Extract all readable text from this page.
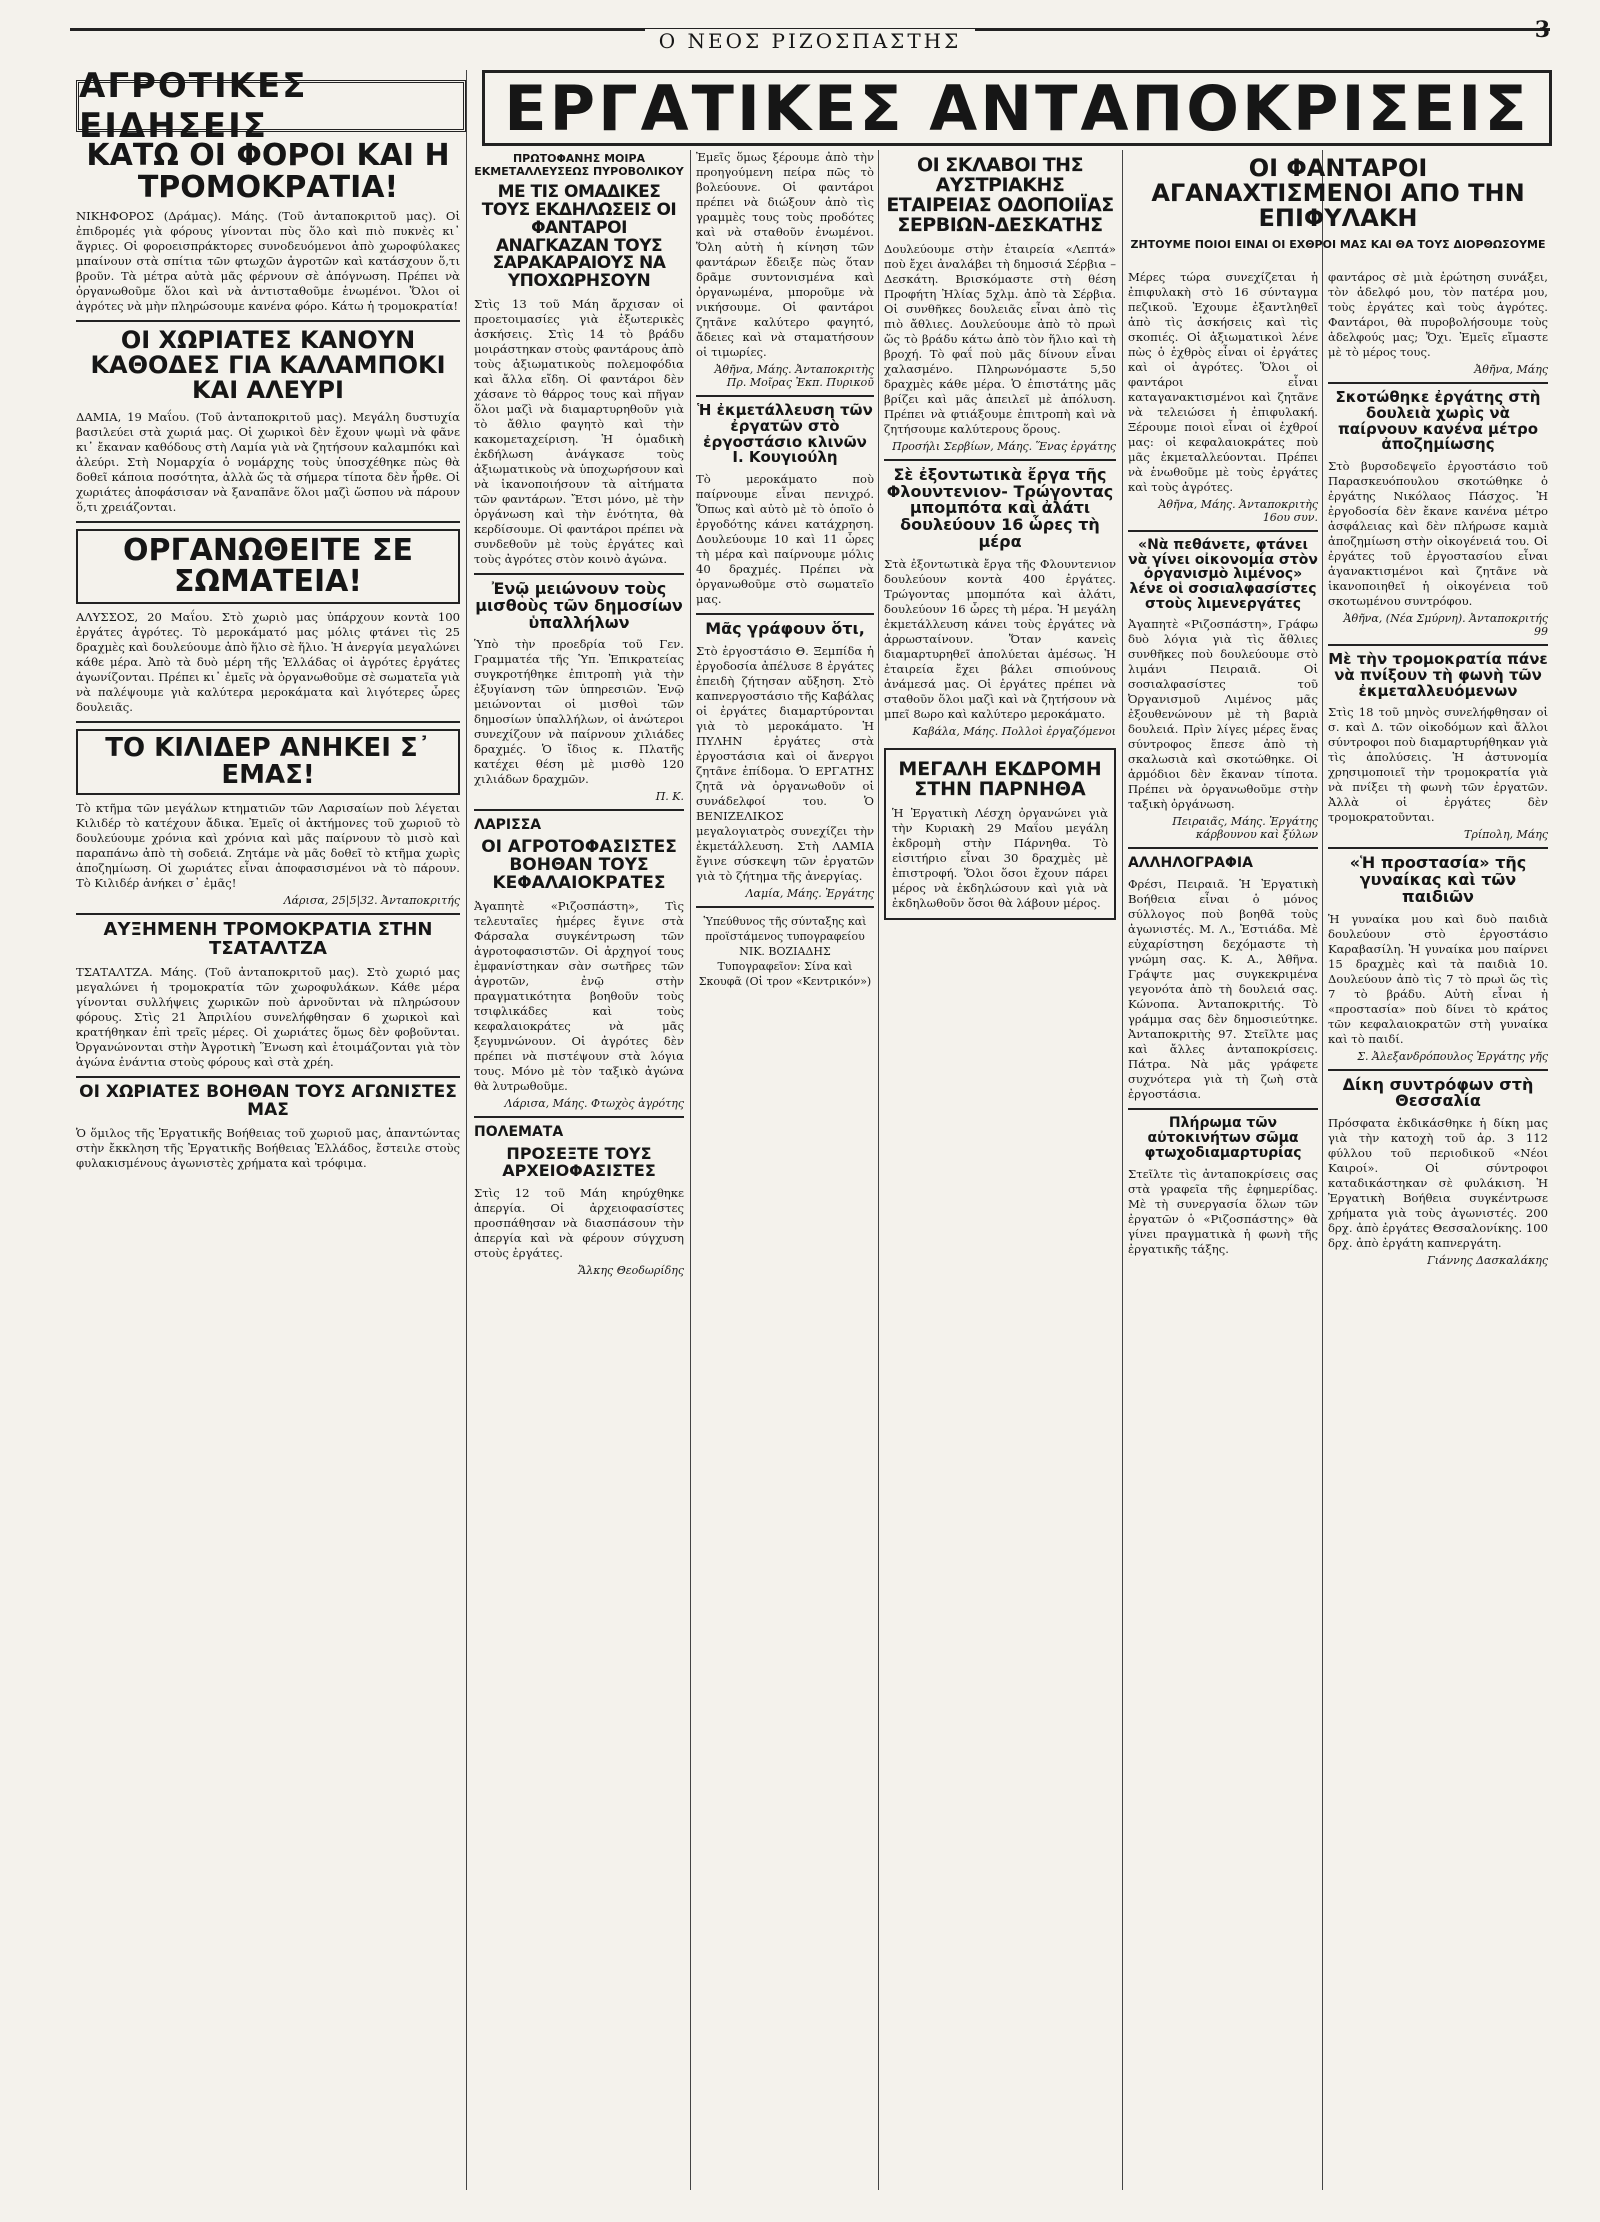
Ο ΝΕΟΣ ΡΙΖΟΣΠΑΣΤΗΣ	3
ΑΓΡΟΤΙΚΕΣ ΕΙΔΗΣΕΙΣ	ΕΡΓΑΤΙΚΕΣ ΑΝΤΑΠΟΚΡΙΣΕΙΣ
ΚΑΤΩ ΟΙ ΦΟΡΟΙ ΚΑΙ Η ΤΡΟΜΟΚΡΑΤΙΑ!

ΝΙΚΗΦΟΡΟΣ (Δράμας). Μάης. (Τοῦ ἀνταποκριτοῦ μας). Οἱ ἐπιδρομές γιὰ φόρους γίνονται πὺς ὅλο καὶ πιὸ πυκνὲς κι᾿ ἄγριες. Οἱ φοροεισπράκτορες συνοδευόμενοι ἀπὸ χωροφύλακες μπαίνουν στὰ σπίτια τῶν φτωχῶν ἀγροτῶν καὶ κατάσχουν ὅ,τι βροῦν. Τὰ μέτρα αὐτὰ μᾶς φέρνουν σὲ ἀπόγνωση. Πρέπει νὰ ὀργανωθοῦμε ὅλοι καὶ νὰ ἀντισταθοῦμε ἑνωμένοι. Ὅλοι οἱ ἀγρότες νὰ μὴν πληρώσουμε κανένα φόρο. Κάτω ἡ τρομοκρατία!

ΟΙ ΧΩΡΙΑΤΕΣ ΚΑΝΟΥΝ ΚΑΘΟΔΕΣ ΓΙΑ ΚΑΛΑΜΠΟΚΙ ΚΑΙ ΑΛΕΥΡΙ

ΔΑΜΙΑ, 19 Μαΐου. (Τοῦ ἀνταποκριτοῦ μας). Μεγάλη δυστυχία βασιλεύει στὰ χωριά μας. Οἱ χωρικοὶ δὲν ἔχουν ψωμὶ νὰ φᾶνε κι᾿ ἔκαναν καθόδους στὴ Λαμία γιὰ νὰ ζητήσουν καλαμπόκι καὶ ἀλεύρι. Στὴ Νομαρχία ὁ νομάρχης τοὺς ὑποσχέθηκε πὼς θὰ δοθεῖ κάποια ποσότητα, ἀλλὰ ὥς τὰ σήμερα τίποτα δὲν ἦρθε. Οἱ χωριάτες ἀποφάσισαν νὰ ξαναπᾶνε ὅλοι μαζὶ ὥσπου νὰ πάρουν ὅ,τι χρειάζονται.

ΟΡΓΑΝΩΘΕΙΤΕ ΣΕ ΣΩΜΑΤΕΙΑ!

ΑΛΥΣΣΟΣ, 20 Μαΐου. Στὸ χωριὸ μας ὑπάρχουν κοντὰ 100 ἐργάτες ἀγρότες. Τὸ μεροκάματό μας μόλις φτάνει τὶς 25 δραχμὲς καὶ δουλεύουμε ἀπὸ ἥλιο σὲ ἥλιο. Ἡ ἀνεργία μεγαλώνει κάθε μέρα. Ἀπὸ τὰ δυὸ μέρη τῆς Ἑλλάδας οἱ ἀγρότες ἐργάτες ἀγωνίζονται. Πρέπει κι᾿ ἐμεῖς νὰ ὀργανωθοῦμε σὲ σωματεῖα γιὰ νὰ παλέψουμε γιὰ καλύτερα μεροκάματα καὶ λιγότερες ὧρες δουλειᾶς.

ΤΟ ΚΙΛΙΔΕΡ ΑΝΗΚΕΙ Σ᾿ ΕΜΑΣ!

Τὸ κτῆμα τῶν μεγάλων κτηματιῶν τῶν Λαρισαίων ποὺ λέγεται Κιλιδέρ τὸ κατέχουν ἄδικα. Ἐμεῖς οἱ ἀκτήμονες τοῦ χωριοῦ τὸ δουλεύουμε χρόνια καὶ χρόνια καὶ μᾶς παίρνουν τὸ μισὸ καὶ παραπάνω ἀπὸ τὴ σοδειά. Ζητάμε νὰ μᾶς δοθεῖ τὸ κτῆμα χωρὶς ἀποζημίωση. Οἱ χωριάτες εἶναι ἀποφασισμένοι νὰ τὸ πάρουν. Τὸ Κιλιδέρ ἀνήκει σ᾿ ἐμᾶς!

Λάρισα, 25|5|32. Ἀνταποκριτής
ΑΥΞΗΜΕΝΗ ΤΡΟΜΟΚΡΑΤΙΑ ΣΤΗΝ ΤΣΑΤΑΛΤΖΑ

ΤΣΑΤΑΛΤΖΑ. Μάης. (Τοῦ ἀνταποκριτοῦ μας). Στὸ χωριό μας μεγαλώνει ἡ τρομοκρατία τῶν χωροφυλάκων. Κάθε μέρα γίνονται συλλήψεις χωρικῶν ποὺ ἀρνοῦνται νὰ πληρώσουν φόρους. Στὶς 21 Ἀπριλίου συνελήφθησαν 6 χωρικοὶ καὶ κρατήθηκαν ἐπὶ τρεῖς μέρες. Οἱ χωριάτες ὅμως δὲν φοβοῦνται. Ὀργανώνονται στὴν Ἀγροτικὴ Ἕνωση καὶ ἑτοιμάζονται γιὰ τὸν ἀγώνα ἐνάντια στοὺς φόρους καὶ στὰ χρέη.

ΟΙ ΧΩΡΙΑΤΕΣ ΒΟΗΘΑΝ ΤΟΥΣ ΑΓΩΝΙΣΤΕΣ ΜΑΣ

Ὁ ὅμιλος τῆς Ἐργατικῆς Βοήθειας τοῦ χωριοῦ μας, ἀπαντώντας στὴν ἔκκληση τῆς Ἐργατικῆς Βοήθειας Ἑλλάδος, ἔστειλε στοὺς φυλακισμένους ἀγωνιστὲς χρήματα καὶ τρόφιμα.

ΠΡΩΤΟΦΑΝΗΣ ΜΟΙΡΑ ΕΚΜΕΤΑΛΛΕΥΣΕΩΣ ΠΥΡΟΒΟΛΙΚΟΥ
ΜΕ ΤΙΣ ΟΜΑΔΙΚΕΣ ΤΟΥΣ ΕΚΔΗΛΩΣΕΙΣ ΟΙ ΦΑΝΤΑΡΟΙ ΑΝΑΓΚΑΖΑΝ ΤΟΥΣ ΣΑΡΑΚΑΡΑΙΟΥΣ ΝΑ ΥΠΟΧΩΡΗΣΟΥΝ

Στὶς 13 τοῦ Μάη ἄρχισαν οἱ προετοιμασίες γιὰ ἐξωτερικὲς ἀσκήσεις. Στὶς 14 τὸ βράδυ μοιράστηκαν στοὺς φαντάρους ἀπὸ τοὺς ἀξιωματικοὺς πολεμοφόδια καὶ ἄλλα εἴδη. Οἱ φαντάροι δὲν χάσανε τὸ θάρρος τους καὶ πῆγαν ὅλοι μαζὶ νὰ διαμαρτυρηθοῦν γιὰ τὸ ἄθλιο φαγητὸ καὶ τὴν κακομεταχείριση. Ἡ ὁμαδικὴ ἐκδήλωση ἀνάγκασε τοὺς ἀξιωματικοὺς νὰ ὑποχωρήσουν καὶ νὰ ἱκανοποιήσουν τὰ αἰτήματα τῶν φαντάρων. Ἔτσι μόνο, μὲ τὴν ὀργάνωση καὶ τὴν ἑνότητα, θὰ κερδίσουμε. Οἱ φαντάροι πρέπει νὰ συνδεθοῦν μὲ τοὺς ἐργάτες καὶ τοὺς ἀγρότες στὸν κοινὸ ἀγώνα.

Ἐνῷ μειώνουν τοὺς μισθοὺς τῶν δημοσίων ὑπαλλήλων

Ὑπὸ τὴν προεδρία τοῦ Γεν. Γραμματέα τῆς Ὑπ. Ἐπικρατείας συγκροτήθηκε ἐπιτροπὴ γιὰ τὴν ἐξυγίανση τῶν ὑπηρεσιῶν. Ἐνῷ μειώνονται οἱ μισθοὶ τῶν δημοσίων ὑπαλλήλων, οἱ ἀνώτεροι συνεχίζουν νὰ παίρνουν χιλιάδες δραχμές. Ὁ ἴδιος κ. Πλατῆς κατέχει θέση μὲ μισθὸ 120 χιλιάδων δραχμῶν.

Π. Κ.
ΛΑΡΙΣΣΑ
ΟΙ ΑΓΡΟΤΟΦΑΣΙΣΤΕΣ ΒΟΗΘΑΝ ΤΟΥΣ ΚΕΦΑΛΑΙΟΚΡΑΤΕΣ

Ἀγαπητὲ «Ριζοσπάστη», Τὶς τελευταῖες ἡμέρες ἔγινε στὰ Φάρσαλα συγκέντρωση τῶν ἀγροτοφασιστῶν. Οἱ ἀρχηγοί τους ἐμφανίστηκαν σὰν σωτῆρες τῶν ἀγροτῶν, ἐνῷ στὴν πραγματικότητα βοηθοῦν τοὺς τσιφλικάδες καὶ τοὺς κεφαλαιοκράτες νὰ μᾶς ξεγυμνώνουν. Οἱ ἀγρότες δὲν πρέπει νὰ πιστέψουν στὰ λόγια τους. Μόνο μὲ τὸν ταξικὸ ἀγώνα θὰ λυτρωθοῦμε.

Λάρισα, Μάης. Φτωχὸς ἀγρότης
ΠΟΛΕΜΑΤΑ
ΠΡΟΣΕΞΤΕ ΤΟΥΣ ΑΡΧΕΙΟΦΑΣΙΣΤΕΣ

Στὶς 12 τοῦ Μάη κηρύχθηκε ἀπεργία. Οἱ ἀρχειοφασίστες προσπάθησαν νὰ διασπάσουν τὴν ἀπεργία καὶ νὰ φέρουν σύγχυση στοὺς ἐργάτες.

Ἄλκης Θεοδωρίδης

Ἐμεῖς ὅμως ξέρουμε ἀπὸ τὴν προηγούμενη πείρα πῶς τὸ βολεύουνε. Οἱ φαντάροι πρέπει νὰ διώξουν ἀπὸ τὶς γραμμὲς τους τοὺς προδότες καὶ νὰ σταθοῦν ἑνωμένοι. Ὅλη αὐτὴ ἡ κίνηση τῶν φαντάρων ἔδειξε πὼς ὅταν δρᾶμε συντονισμένα καὶ ὀργανωμένα, μποροῦμε νὰ νικήσουμε. Οἱ φαντάροι ζητᾶνε καλύτερο φαγητό, ἄδειες καὶ νὰ σταματήσουν οἱ τιμωρίες.

Ἀθῆνα, Μάης. Ἀνταποκριτὴς Πρ. Μοῖρας Ἐκπ. Πυρικοῦ
Ἡ ἐκμετάλλευση τῶν ἐργατῶν στὸ ἐργοστάσιο κλινῶν Ι. Κουγιούλη

Τὸ μεροκάματο ποὺ παίρνουμε εἶναι πενιχρό. Ὅπως καὶ αὐτὸ μὲ τὸ ὁποῖο ὁ ἐργοδότης κάνει κατάχρηση. Δουλεύουμε 10 καὶ 11 ὧρες τὴ μέρα καὶ παίρνουμε μόλις 40 δραχμές. Πρέπει νὰ ὀργανωθοῦμε στὸ σωματεῖο μας.

Μᾶς γράφουν ὅτι,

Στὸ ἐργοστάσιο Θ. Ξεμπίδα ἡ ἐργοδοσία ἀπέλυσε 8 ἐργάτες ἐπειδὴ ζήτησαν αὔξηση. Στὸ καπνεργοστάσιο τῆς Καβάλας οἱ ἐργάτες διαμαρτύρονται γιὰ τὸ μεροκάματο. Ἡ ΠΥΛΗΝ ἐργάτες στὰ ἐργοστάσια καὶ οἱ ἄνεργοι ζητᾶνε ἐπίδομα. Ὁ ΕΡΓΑΤΗΣ ζητᾶ νὰ ὀργανωθοῦν οἱ συνάδελφοί του. Ὁ ΒΕΝΙΖΕΛΙΚΟΣ μεγαλογιατρὸς συνεχίζει τὴν ἐκμετάλλευση. Στὴ ΛΑΜΙΑ ἔγινε σύσκεψη τῶν ἐργατῶν γιὰ τὸ ζήτημα τῆς ἀνεργίας.

Λαμία, Μάης. Ἐργάτης

Ὑπεύθυνος τῆς σύνταξης καὶ προϊστάμενος τυπογραφείου ΝΙΚ. ΒΟΖΙΑΔΗΣ Τυπογραφεῖον: Σίνα καὶ Σκουφᾶ (Οἰ τρον «Κεντρικόν»)

ΟΙ ΣΚΛΑΒΟΙ ΤΗΣ ΑΥΣΤΡΙΑΚΗΣ ΕΤΑΙΡΕΙΑΣ ΟΔΟΠΟΙΪΑΣ ΣΕΡΒΙΩΝ-ΔΕΣΚΑΤΗΣ

Δουλεύουμε στὴν ἑταιρεία «Λεπτά» ποὺ ἔχει ἀναλάβει τὴ δημοσιά Σέρβια – Δεσκάτη. Βρισκόμαστε στὴ θέση Προφήτη Ἠλίας 5χλμ. ἀπὸ τὰ Σέρβια. Οἱ συνθῆκες δουλειᾶς εἶναι ἀπὸ τὶς πιὸ ἄθλιες. Δουλεύουμε ἀπὸ τὸ πρωὶ ὥς τὸ βράδυ κάτω ἀπὸ τὸν ἥλιο καὶ τὴ βροχή. Τὸ φαΐ ποὺ μᾶς δίνουν εἶναι χαλασμένο. Πληρωνόμαστε 5,50 δραχμὲς κάθε μέρα. Ὁ ἐπιστάτης μᾶς βρίζει καὶ μᾶς ἀπειλεῖ μὲ ἀπόλυση. Πρέπει νὰ φτιάξουμε ἐπιτροπὴ καὶ νὰ ζητήσουμε καλύτερους ὅρους.

Προσήλι Σερβίων, Μάης. Ἕνας ἐργάτης
Σὲ ἐξοντωτικὰ ἔργα τῆς Φλουντενιον- Τρώγοντας μπομπότα καὶ ἀλάτι δουλεύουν 16 ὧρες τὴ μέρα

Στὰ ἐξοντωτικὰ ἔργα τῆς Φλουντενιον δουλεύουν κοντὰ 400 ἐργάτες. Τρώγοντας μπομπότα καὶ ἀλάτι, δουλεύουν 16 ὧρες τὴ μέρα. Ἡ μεγάλη ἐκμετάλλευση κάνει τοὺς ἐργάτες νὰ ἀρρωσταίνουν. Ὅταν κανεὶς διαμαρτυρηθεῖ ἀπολύεται ἀμέσως. Ἡ ἐταιρεία ἔχει βάλει σπιούνους ἀνάμεσά μας. Οἱ ἐργάτες πρέπει νὰ σταθοῦν ὅλοι μαζὶ καὶ νὰ ζητήσουν νὰ μπεῖ 8ωρο καὶ καλύτερο μεροκάματο.

Καβάλα, Μάης. Πολλοὶ ἐργαζόμενοι
ΜΕΓΑΛΗ ΕΚΔΡΟΜΗ ΣΤΗΝ ΠΑΡΝΗΘΑ

Ἡ Ἐργατικὴ Λέσχη ὀργανώνει γιὰ τὴν Κυριακὴ 29 Μαΐου μεγάλη ἐκδρομὴ στὴν Πάρνηθα. Τὸ εἰσιτήριο εἶναι 30 δραχμὲς μὲ ἐπιστροφή. Ὅλοι ὅσοι ἔχουν πάρει μέρος νὰ ἐκδηλώσουν καὶ γιὰ νὰ ἐκδηλωθοῦν ὅσοι θὰ λάβουν μέρος.

ΟΙ ΦΑΝΤΑΡΟΙ ΑΓΑΝΑΧΤΙΣΜΕΝΟΙ ΑΠΟ ΤΗΝ ΕΠΙΦΥΛΑΚΗ
ΖΗΤΟΥΜΕ ΠΟΙΟΙ ΕΙΝΑΙ ΟΙ ΕΧΘΡΟΙ ΜΑΣ ΚΑΙ ΘΑ ΤΟΥΣ ΔΙΟΡΘΩΣΟΥΜΕ

Μέρες τώρα συνεχίζεται ἡ ἐπιφυλακὴ στὸ 16 σύνταγμα πεζικοῦ. Ἐχουμε ἐξαντληθεῖ ἀπὸ τὶς ἀσκήσεις καὶ τὶς σκοπιές. Οἱ ἀξιωματικοὶ λένε πὼς ὁ ἐχθρὸς εἶναι οἱ ἐργάτες καὶ οἱ ἀγρότες. Ὅλοι οἱ φαντάροι εἶναι καταγανακτισμένοι καὶ ζητᾶνε νὰ τελειώσει ἡ ἐπιφυλακή. Ξέρουμε ποιοὶ εἶναι οἱ ἐχθροί μας: οἱ κεφαλαιοκράτες ποὺ μᾶς ἐκμεταλλεύονται. Πρέπει νὰ ἑνωθοῦμε μὲ τοὺς ἐργάτες καὶ τοὺς ἀγρότες.

Ἀθῆνα, Μάης. Ἀνταποκριτὴς 16ου συν.
«Νὰ πεθάνετε, φτάνει νὰ γίνει οἰκονομία στὸν ὀργανισμὸ λιμένος» λένε οἱ σοσιαλφασίστες στοὺς λιμενεργάτες

Ἀγαπητὲ «Ριζοσπάστη», Γράφω δυὸ λόγια γιὰ τὶς ἄθλιες συνθῆκες ποὺ δουλεύουμε στὸ λιμάνι Πειραιᾶ. Οἱ σοσιαλφασίστες τοῦ Ὀργανισμοῦ Λιμένος μᾶς ἐξουθενώνουν μὲ τὴ βαριὰ δουλειά. Πρὶν λίγες μέρες ἕνας σύντροφος ἔπεσε ἀπὸ τὴ σκαλωσιὰ καὶ σκοτώθηκε. Οἱ ἀρμόδιοι δὲν ἔκαναν τίποτα. Πρέπει νὰ ὀργανωθοῦμε στὴν ταξικὴ ὀργάνωση.

Πειραιᾶς, Μάης. Ἐργάτης κάρβουνου καὶ ξύλων
ΑΛΛΗΛΟΓΡΑΦΙΑ

Φρέσι, Πειραιᾶ. Ἡ Ἐργατικὴ Βοήθεια εἶναι ὁ μόνος σύλλογος ποὺ βοηθᾶ τοὺς ἀγωνιστές. Μ. Λ., Ἐστιάδα. Μὲ εὐχαρίστηση δεχόμαστε τὴ γνώμη σας. Κ. Α., Ἀθῆνα. Γράψτε μας συγκεκριμένα γεγονότα ἀπὸ τὴ δουλειά σας. Κώνοπα. Ἀνταποκριτής. Τὸ γράμμα σας δὲν δημοσιεύτηκε. Ἀνταποκριτὴς 97. Στεῖλτε μας καὶ ἄλλες ἀνταποκρίσεις. Πάτρα. Νὰ μᾶς γράφετε συχνότερα γιὰ τὴ ζωὴ στὰ ἐργοστάσια.

Πλήρωμα τῶν αὐτοκινήτων σῶμα φτωχοδιαμαρτυρίας

Στεῖλτε τὶς ἀνταποκρίσεις σας στὰ γραφεῖα τῆς ἐφημερίδας. Μὲ τὴ συνεργασία ὅλων τῶν ἐργατῶν ὁ «Ριζοσπάστης» θὰ γίνει πραγματικὰ ἡ φωνὴ τῆς ἐργατικῆς τάξης.

φαντάρος σὲ μιὰ ἐρώτηση συνάξει, τὸν ἀδελφό μου, τὸν πατέρα μου, τοὺς ἐργάτες καὶ τοὺς ἀγρότες. Φαντάροι, θὰ πυροβολήσουμε τοὺς ἀδελφούς μας; Ὄχι. Ἐμεῖς εἴμαστε μὲ τὸ μέρος τους.

Ἀθῆνα, Μάης
Σκοτώθηκε ἐργάτης στὴ δουλειὰ χωρὶς νὰ παίρνουν κανένα μέτρο ἀποζημίωσης

Στὸ βυρσοδεψεῖο ἐργοστάσιο τοῦ Παρασκευόπουλου σκοτώθηκε ὁ ἐργάτης Νικόλαος Πάσχος. Ἡ ἐργοδοσία δὲν ἔκανε κανένα μέτρο ἀσφάλειας καὶ δὲν πλήρωσε καμιὰ ἀποζημίωση στὴν οἰκογένειά του. Οἱ ἐργάτες τοῦ ἐργοστασίου εἶναι ἀγανακτισμένοι καὶ ζητᾶνε νὰ ἱκανοποιηθεῖ ἡ οἰκογένεια τοῦ σκοτωμένου συντρόφου.

Ἀθῆνα, (Νέα Σμύρνη). Ἀνταποκριτής 99
Μὲ τὴν τρομοκρατία πάνε νὰ πνίξουν τὴ φωνὴ τῶν ἐκμεταλλευόμενων

Στὶς 18 τοῦ μηνὸς συνελήφθησαν οἱ σ. καὶ Δ. τῶν οἰκοδόμων καὶ ἄλλοι σύντροφοι ποὺ διαμαρτυρήθηκαν γιὰ τὶς ἀπολύσεις. Ἡ ἀστυνομία χρησιμοποιεῖ τὴν τρομοκρατία γιὰ νὰ πνίξει τὴ φωνὴ τῶν ἐργατῶν. Ἀλλὰ οἱ ἐργάτες δὲν τρομοκρατοῦνται.

Τρίπολη, Μάης
«Ἡ προστασία» τῆς γυναίκας καὶ τῶν παιδιῶν

Ἡ γυναίκα μου καὶ δυὸ παιδιὰ δουλεύουν στὸ ἐργοστάσιο Καραβασίλη. Ἡ γυναίκα μου παίρνει 15 δραχμὲς καὶ τὰ παιδιὰ 10. Δουλεύουν ἀπὸ τὶς 7 τὸ πρωὶ ὥς τὶς 7 τὸ βράδυ. Αὐτὴ εἶναι ἡ «προστασία» ποὺ δίνει τὸ κράτος τῶν κεφαλαιοκρατῶν στὴ γυναίκα καὶ τὸ παιδί.

Σ. Ἀλεξανδρόπουλος Ἐργάτης γῆς
Δίκη συντρόφων στὴ Θεσσαλία

Πρόσφατα ἐκδικάσθηκε ἡ δίκη μας γιὰ τὴν κατοχὴ τοῦ ἀρ. 3 112 φύλλου τοῦ περιοδικοῦ «Νέοι Καιροί». Οἱ σύντροφοι καταδικάστηκαν σὲ φυλάκιση. Ἡ Ἐργατικὴ Βοήθεια συγκέντρωσε χρήματα γιὰ τοὺς ἀγωνιστές. 200 δρχ. ἀπὸ ἐργάτες Θεσσαλονίκης. 100 δρχ. ἀπὸ ἐργάτη καπνεργάτη.

Γιάννης Δασκαλάκης
